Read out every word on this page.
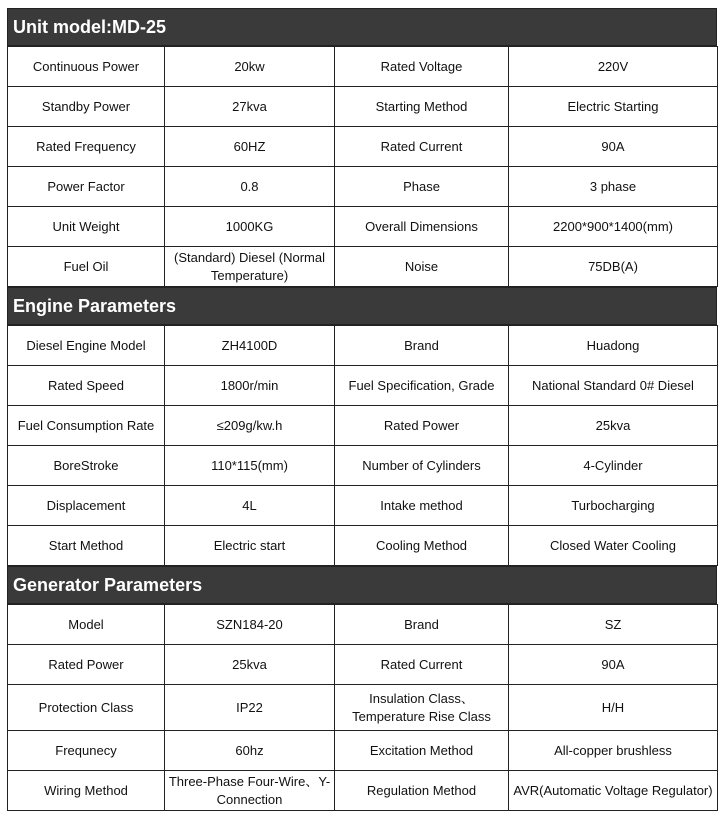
Unit model:MD-25
Continuous Power	20kw	Rated Voltage	220V
Standby Power	27kva	Starting Method	Electric Starting
Rated Frequency	60HZ	Rated Current	90A
Power Factor	0.8	Phase	3 phase
Unit Weight	1000KG	Overall Dimensions	2200*900*1400(mm)
Fuel Oil	(Standard) Diesel (Normal Temperature)	Noise	75DB(A)
Engine Parameters
Diesel Engine Model	ZH4100D	Brand	Huadong
Rated Speed	1800r/min	Fuel Specification, Grade	National Standard 0# Diesel
Fuel Consumption Rate	≤209g/kw.h	Rated Power	25kva
BoreStroke	110*115(mm)	Number of Cylinders	4-Cylinder
Displacement	4L	Intake method	Turbocharging
Start Method	Electric start	Cooling Method	Closed Water Cooling
Generator Parameters
Model	SZN184-20	Brand	SZ
Rated Power	25kva	Rated Current	90A
Protection Class	IP22	Insulation Class、Temperature Rise Class	H/H
Frequnecy	60hz	Excitation Method	All-copper brushless
Wiring Method	Three-Phase Four-Wire、Y-Connection	Regulation Method	AVR(Automatic Voltage Regulator)
